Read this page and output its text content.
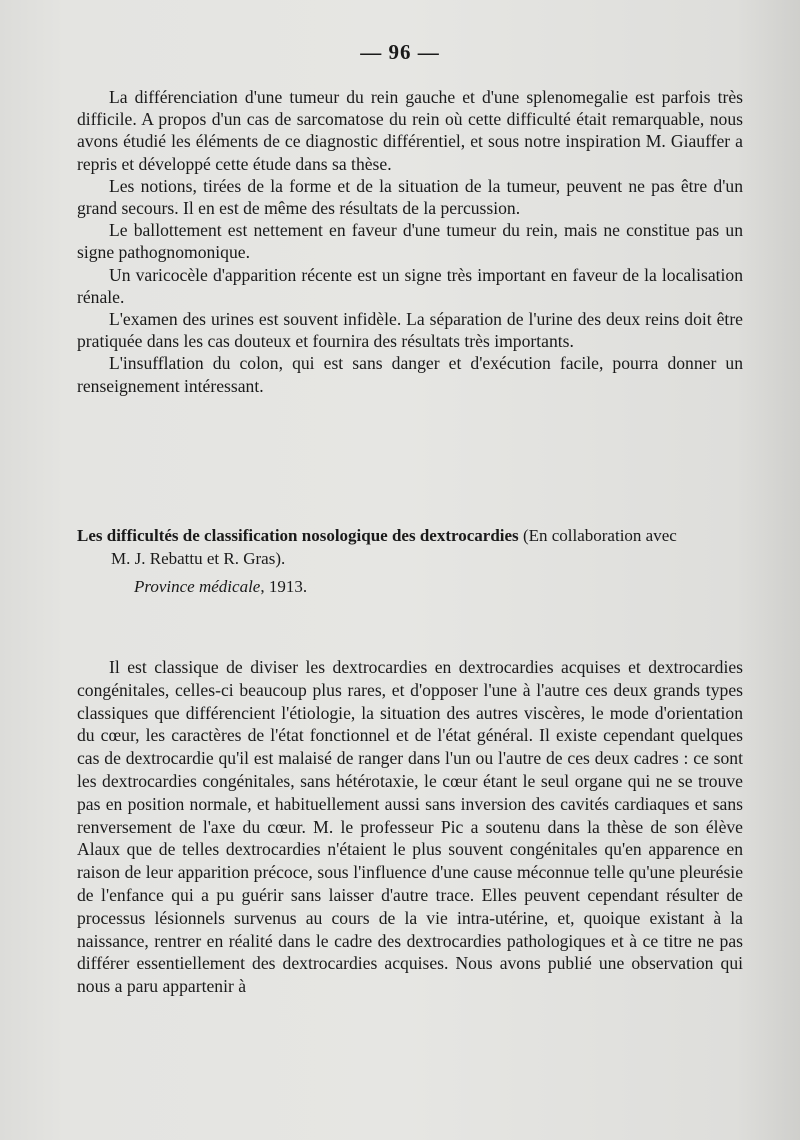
— 96 —

La différenciation d'une tumeur du rein gauche et d'une splenomegalie est parfois très difficile. A propos d'un cas de sarcomatose du rein où cette difficulté était remarquable, nous avons étudié les éléments de ce diagnostic différentiel, et sous notre inspiration M. Giauffer a repris et développé cette étude dans sa thèse.

Les notions, tirées de la forme et de la situation de la tumeur, peuvent ne pas être d'un grand secours. Il en est de même des résultats de la percussion.

Le ballottement est nettement en faveur d'une tumeur du rein, mais ne constitue pas un signe pathognomonique.

Un varicocèle d'apparition récente est un signe très important en faveur de la localisation rénale.

L'examen des urines est souvent infidèle. La séparation de l'urine des deux reins doit être pratiquée dans les cas douteux et fournira des résultats très importants.

L'insufflation du colon, qui est sans danger et d'exécution facile, pourra donner un renseignement intéressant.

Les difficultés de classification nosologique des dextrocardies (En collaboration avec
M. J. Rebattu et R. Gras).
Province médicale, 1913.

Il est classique de diviser les dextrocardies en dextrocardies acquises et dextrocardies congénitales, celles-ci beaucoup plus rares, et d'opposer l'une à l'autre ces deux grands types classiques que différencient l'étiologie, la situation des autres viscères, le mode d'orientation du cœur, les caractères de l'état fonctionnel et de l'état général. Il existe cependant quelques cas de dextrocardie qu'il est malaisé de ranger dans l'un ou l'autre de ces deux cadres : ce sont les dextrocardies congénitales, sans hétérotaxie, le cœur étant le seul organe qui ne se trouve pas en position normale, et habituellement aussi sans inversion des cavités cardiaques et sans renversement de l'axe du cœur. M. le professeur Pic a soutenu dans la thèse de son élève Alaux que de telles dextrocardies n'étaient le plus souvent congénitales qu'en apparence en raison de leur apparition précoce, sous l'influence d'une cause méconnue telle qu'une pleurésie de l'enfance qui a pu guérir sans laisser d'autre trace. Elles peuvent cependant résulter de processus lésionnels survenus au cours de la vie intra-utérine, et, quoique existant à la naissance, rentrer en réalité dans le cadre des dextrocardies pathologiques et à ce titre ne pas différer essentiellement des dextrocardies acquises. Nous avons publié une observation qui nous a paru appartenir à
